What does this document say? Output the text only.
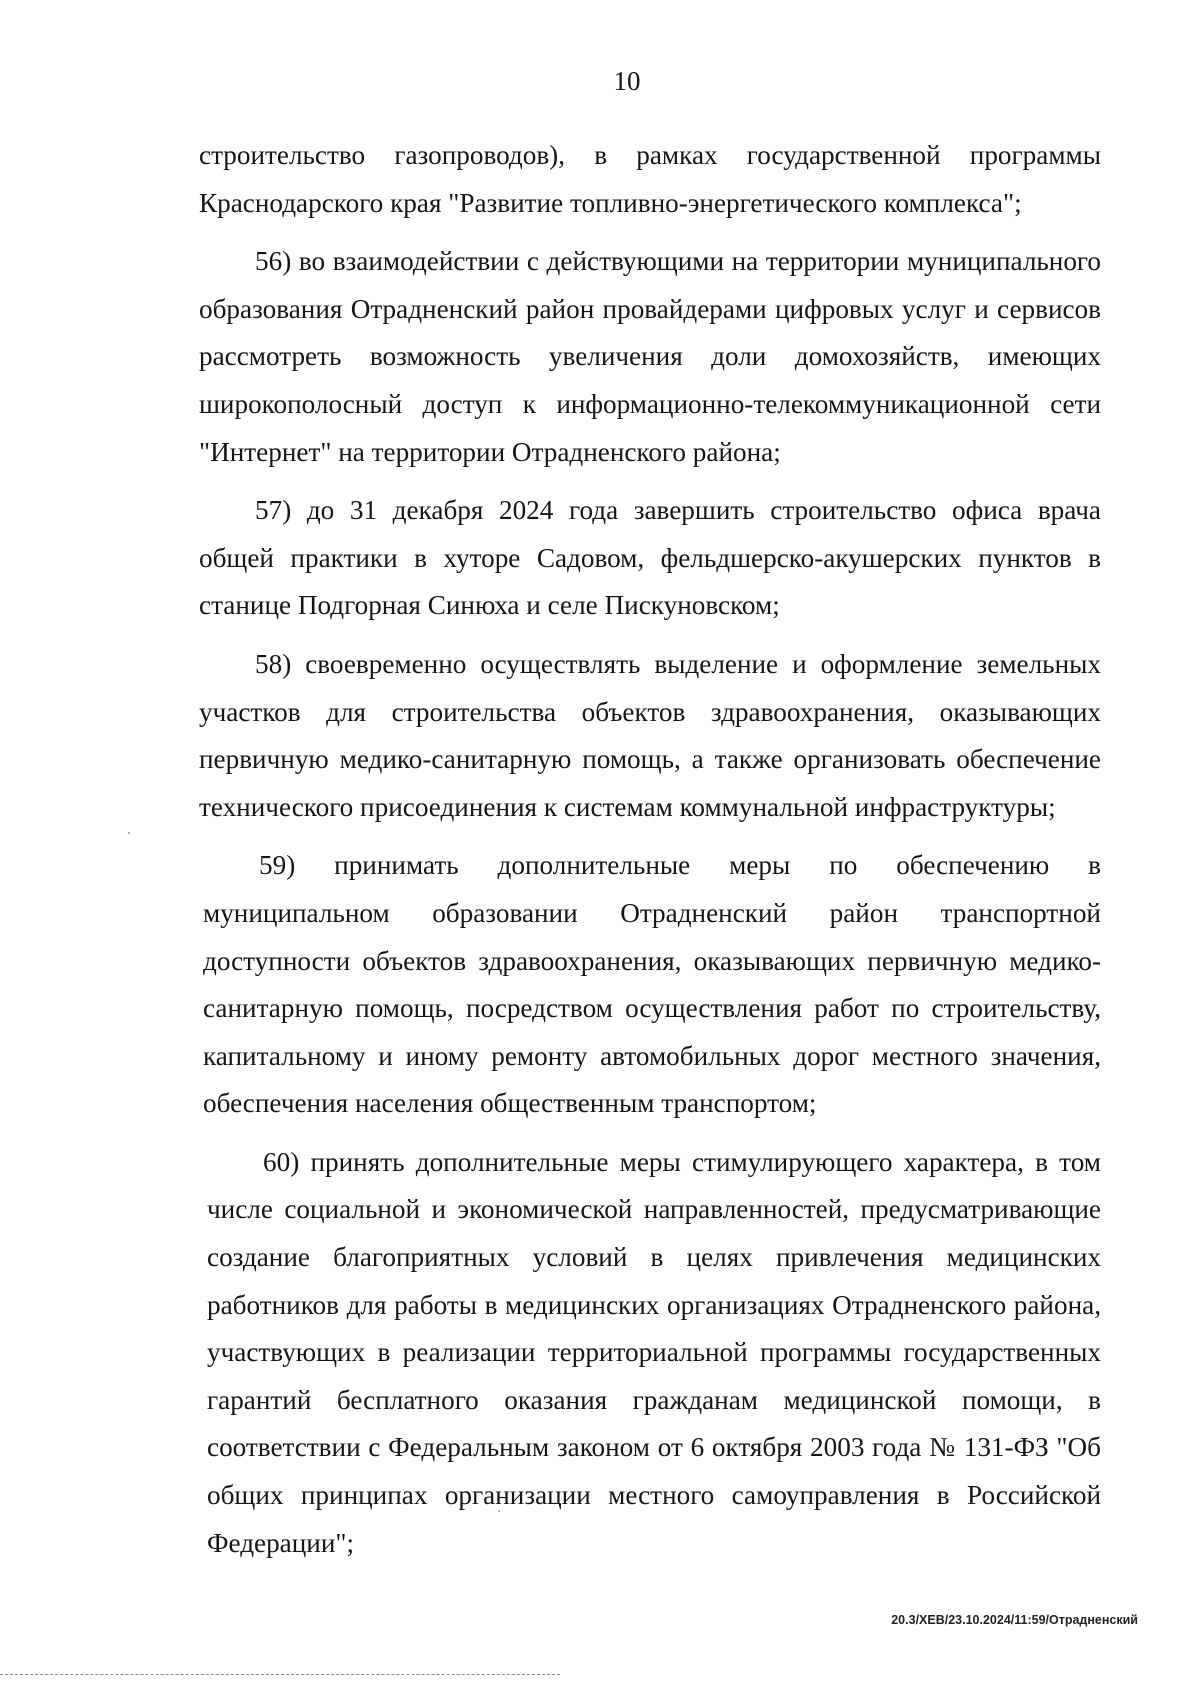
10

строительство газопроводов), в рамках государственной программы Краснодарского края "Развитие топливно-энергетического комплекса";

56) во взаимодействии с действующими на территории муниципального образования Отрадненский район провайдерами цифровых услуг и сервисов рассмотреть возможность увеличения доли домохозяйств, имеющих широкополосный доступ к информационно-телекоммуникационной сети "Интернет" на территории Отрадненского района;

57) до 31 декабря 2024 года завершить строительство офиса врача общей практики в хуторе Садовом, фельдшерско-акушерских пунктов в станице Подгорная Синюха и селе Пискуновском;

58) своевременно осуществлять выделение и оформление земельных участков для строительства объектов здравоохранения, оказывающих первичную медико-санитарную помощь, а также организовать обеспечение технического присоединения к системам коммунальной инфраструктуры;

59) принимать дополнительные меры по обеспечению в муниципальном образовании Отрадненский район транспортной доступности объектов здравоохранения, оказывающих первичную медико-санитарную помощь, посредством осуществления работ по строительству, капитальному и иному ремонту автомобильных дорог местного значения, обеспечения населения общественным транспортом;

60) принять дополнительные меры стимулирующего характера, в том числе социальной и экономической направленностей, предусматривающие создание благоприятных условий в целях привлечения медицинских работников для работы в медицинских организациях Отрадненского района, участвующих в реализации территориальной программы государственных гарантий бесплатного оказания гражданам медицинской помощи, в соответствии с Федеральным законом от 6 октября 2003 года № 131-ФЗ "Об общих принципах организации местного самоуправления в Российской Федерации";

20.3/ХЕВ/23.10.2024/11:59/Отрадненский
